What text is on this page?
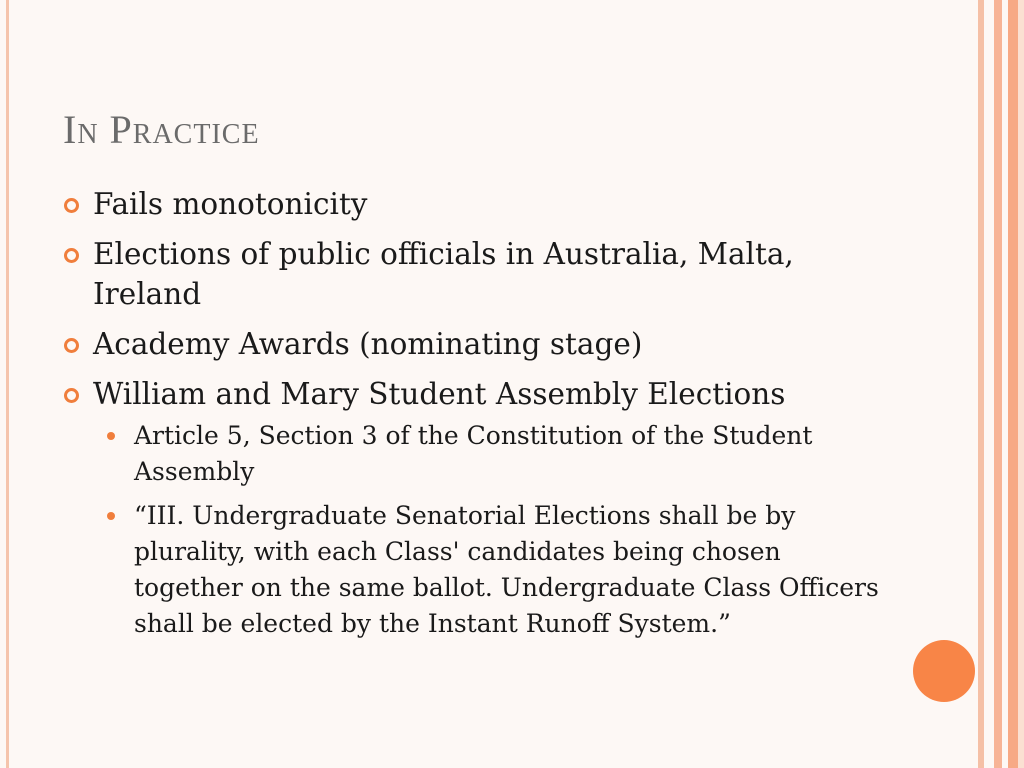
In Practice
Fails monotonicity
Elections of public officials in Australia, Malta, Ireland
Academy Awards (nominating stage)
William and Mary Student Assembly Elections
Article 5, Section 3 of the Constitution of the Student Assembly
“III. Undergraduate Senatorial Elections shall be by plurality, with each Class' candidates being chosen together on the same ballot. Undergraduate Class Officers shall be elected by the Instant Runoff System.”
